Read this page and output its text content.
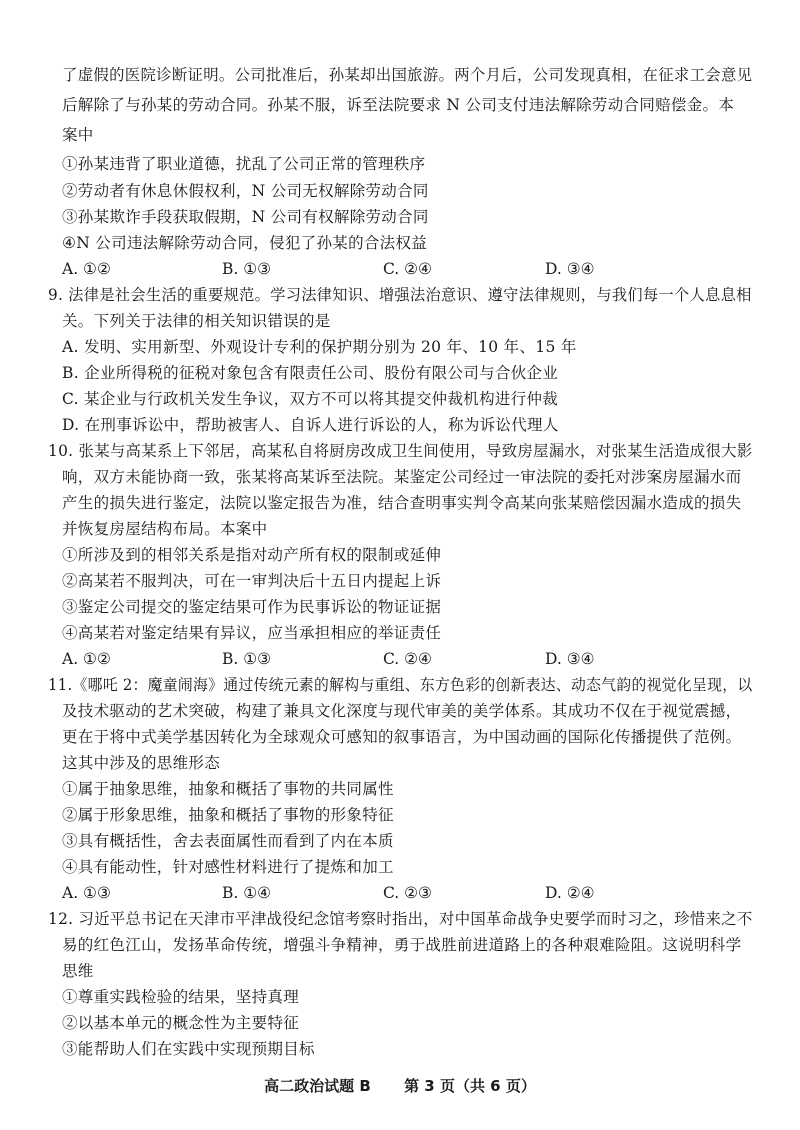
了虚假的医院诊断证明。公司批准后，孙某却出国旅游。两个月后，公司发现真相，在征求工会意见
后解除了与孙某的劳动合同。孙某不服，诉至法院要求 N 公司支付违法解除劳动合同赔偿金。本
案中
①孙某违背了职业道德，扰乱了公司正常的管理秩序
②劳动者有休息休假权利，N 公司无权解除劳动合同
③孙某欺诈手段获取假期，N 公司有权解除劳动合同
④N 公司违法解除劳动合同，侵犯了孙某的合法权益
A. ①②	B. ①③	C. ②④	D. ③④
9. 法律是社会生活的重要规范。学习法律知识、增强法治意识、遵守法律规则，与我们每一个人息息相
关。下列关于法律的相关知识错误的是
A. 发明、实用新型、外观设计专利的保护期分别为 20 年、10 年、15 年
B. 企业所得税的征税对象包含有限责任公司、股份有限公司与合伙企业
C. 某企业与行政机关发生争议，双方不可以将其提交仲裁机构进行仲裁
D. 在刑事诉讼中，帮助被害人、自诉人进行诉讼的人，称为诉讼代理人
10. 张某与高某系上下邻居，高某私自将厨房改成卫生间使用，导致房屋漏水，对张某生活造成很大影
响，双方未能协商一致，张某将高某诉至法院。某鉴定公司经过一审法院的委托对涉案房屋漏水而
产生的损失进行鉴定，法院以鉴定报告为准，结合查明事实判令高某向张某赔偿因漏水造成的损失
并恢复房屋结构布局。本案中
①所涉及到的相邻关系是指对动产所有权的限制或延伸
②高某若不服判决，可在一审判决后十五日内提起上诉
③鉴定公司提交的鉴定结果可作为民事诉讼的物证证据
④高某若对鉴定结果有异议，应当承担相应的举证责任
A. ①②	B. ①③	C. ②④	D. ③④
11.《哪吒 2：魔童闹海》通过传统元素的解构与重组、东方色彩的创新表达、动态气韵的视觉化呈现，以
及技术驱动的艺术突破，构建了兼具文化深度与现代审美的美学体系。其成功不仅在于视觉震撼，
更在于将中式美学基因转化为全球观众可感知的叙事语言，为中国动画的国际化传播提供了范例。
这其中涉及的思维形态
①属于抽象思维，抽象和概括了事物的共同属性
②属于形象思维，抽象和概括了事物的形象特征
③具有概括性，舍去表面属性而看到了内在本质
④具有能动性，针对感性材料进行了提炼和加工
A. ①③	B. ①④	C. ②③	D. ②④
12. 习近平总书记在天津市平津战役纪念馆考察时指出，对中国革命战争史要学而时习之，珍惜来之不
易的红色江山，发扬革命传统，增强斗争精神，勇于战胜前进道路上的各种艰难险阻。这说明科学
思维
①尊重实践检验的结果，坚持真理
②以基本单元的概念性为主要特征
③能帮助人们在实践中实现预期目标
高二政治试题 B 第 3 页（共 6 页）
